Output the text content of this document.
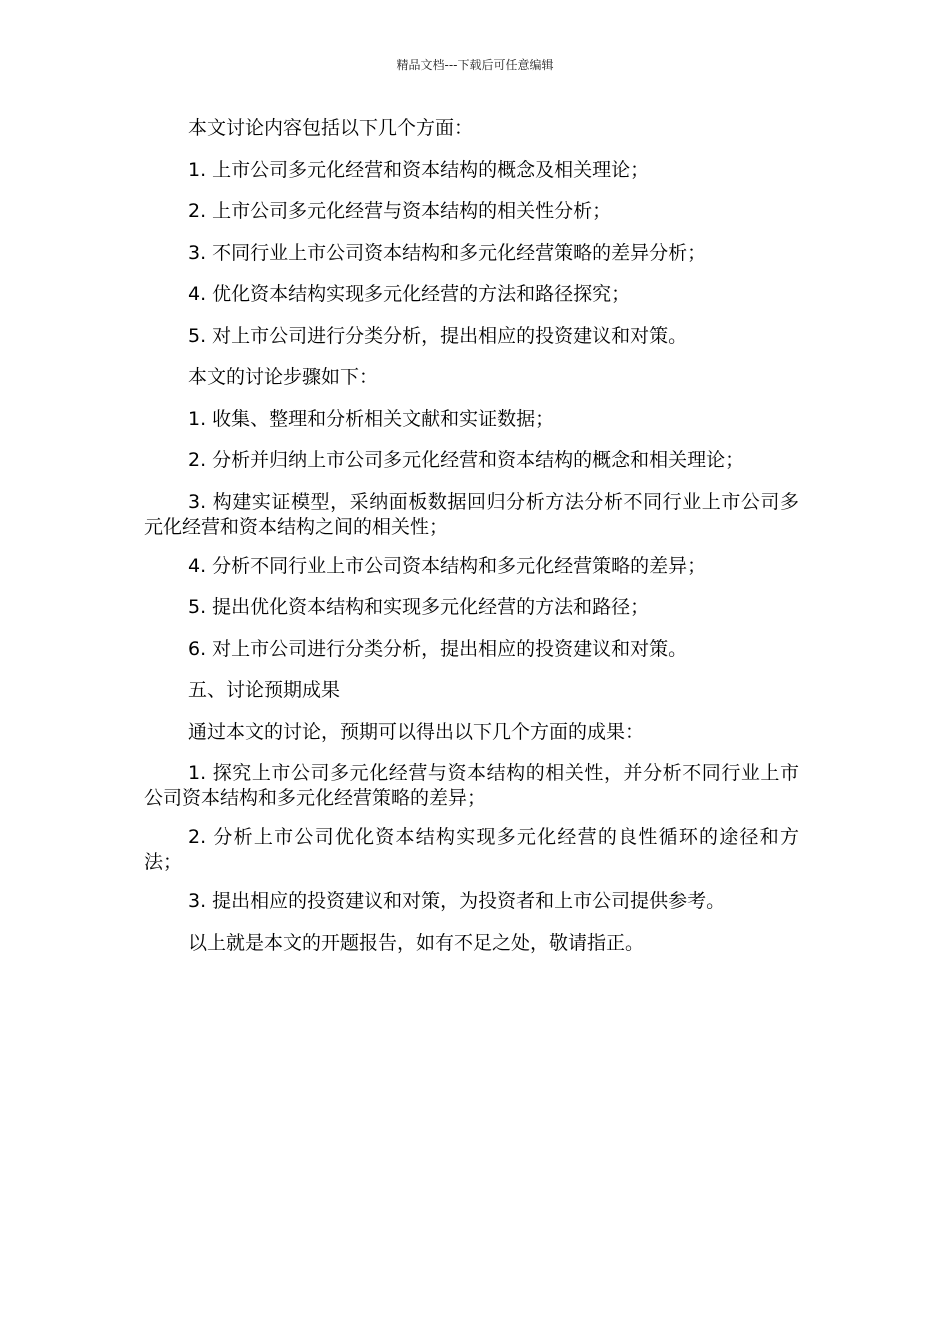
精品文档---下载后可任意编辑

本文讨论内容包括以下几个方面：

1. 上市公司多元化经营和资本结构的概念及相关理论；

2. 上市公司多元化经营与资本结构的相关性分析；

3. 不同行业上市公司资本结构和多元化经营策略的差异分析；

4. 优化资本结构实现多元化经营的方法和路径探究；

5. 对上市公司进行分类分析，提出相应的投资建议和对策。

本文的讨论步骤如下：

1. 收集、整理和分析相关文献和实证数据；

2. 分析并归纳上市公司多元化经营和资本结构的概念和相关理论；

3. 构建实证模型，采纳面板数据回归分析方法分析不同行业上市公司多元化经营和资本结构之间的相关性；

4. 分析不同行业上市公司资本结构和多元化经营策略的差异；

5. 提出优化资本结构和实现多元化经营的方法和路径；

6. 对上市公司进行分类分析，提出相应的投资建议和对策。

五、讨论预期成果

通过本文的讨论，预期可以得出以下几个方面的成果：

1. 探究上市公司多元化经营与资本结构的相关性，并分析不同行业上市公司资本结构和多元化经营策略的差异；

2. 分析上市公司优化资本结构实现多元化经营的良性循环的途径和方法；

3. 提出相应的投资建议和对策，为投资者和上市公司提供参考。

以上就是本文的开题报告，如有不足之处，敬请指正。
